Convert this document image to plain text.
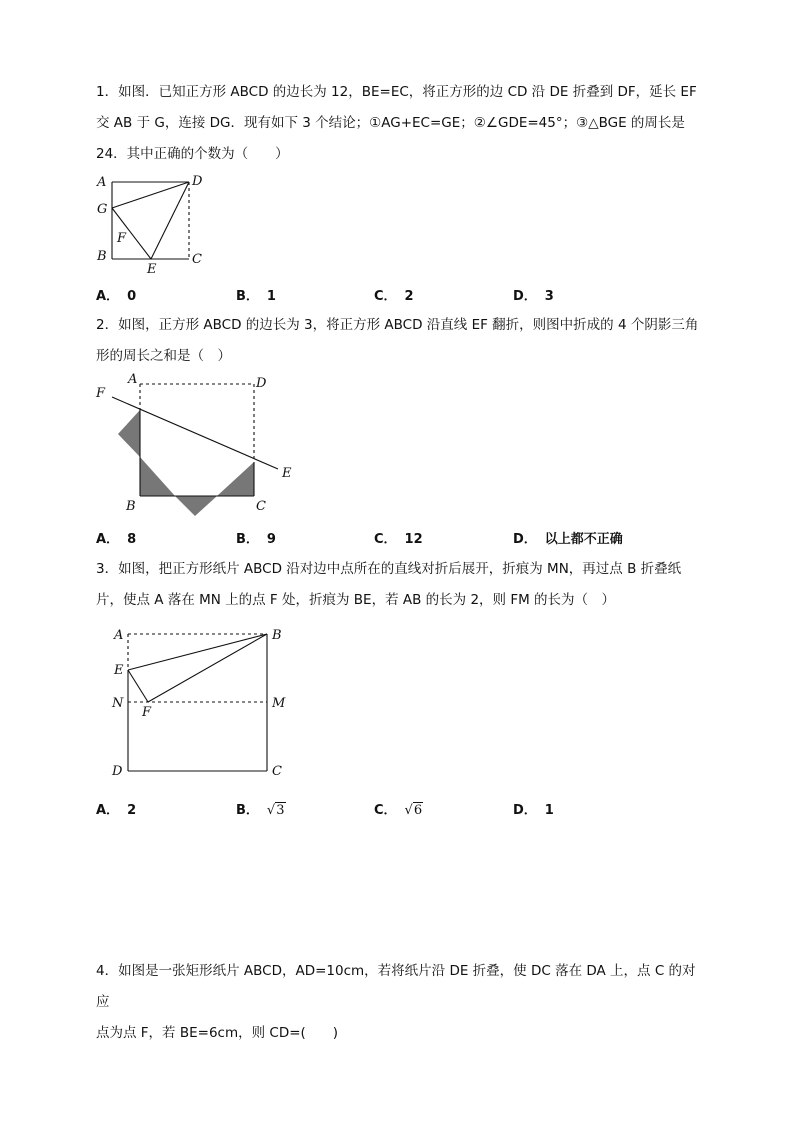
1．如图．已知正方形 ABCD 的边长为 12，BE=EC，将正方形的边 CD 沿 DE 折叠到 DF，延长 EF

交 AB 于 G，连接 DG．现有如下 3 个结论；①AG+EC=GE；②∠GDE=45°；③△BGE 的周长是

24．其中正确的个数为（　　）

A	D
G
F
B
E
C
A． 0	B． 1	C． 2	D． 3

2．如图，正方形 ABCD 的边长为 3，将正方形 ABCD 沿直线 EF 翻折，则图中折成的 4 个阴影三角

形的周长之和是（　）

A	D
F
E
B	C
A． 8	B． 9	C． 12	D． 以上都不正确

3．如图，把正方形纸片 ABCD 沿对边中点所在的直线对折后展开，折痕为 MN，再过点 B 折叠纸

片，使点 A 落在 MN 上的点 F 处，折痕为 BE，若 AB 的长为 2，则 FM 的长为（　）

A	B
E
N
F
M
D	C
A． 2	B． √3	C． √6	D． 1

4．如图是一张矩形纸片 ABCD，AD=10cm，若将纸片沿 DE 折叠，使 DC 落在 DA 上，点 C 的对应

点为点 F，若 BE=6cm，则 CD=(　　)
